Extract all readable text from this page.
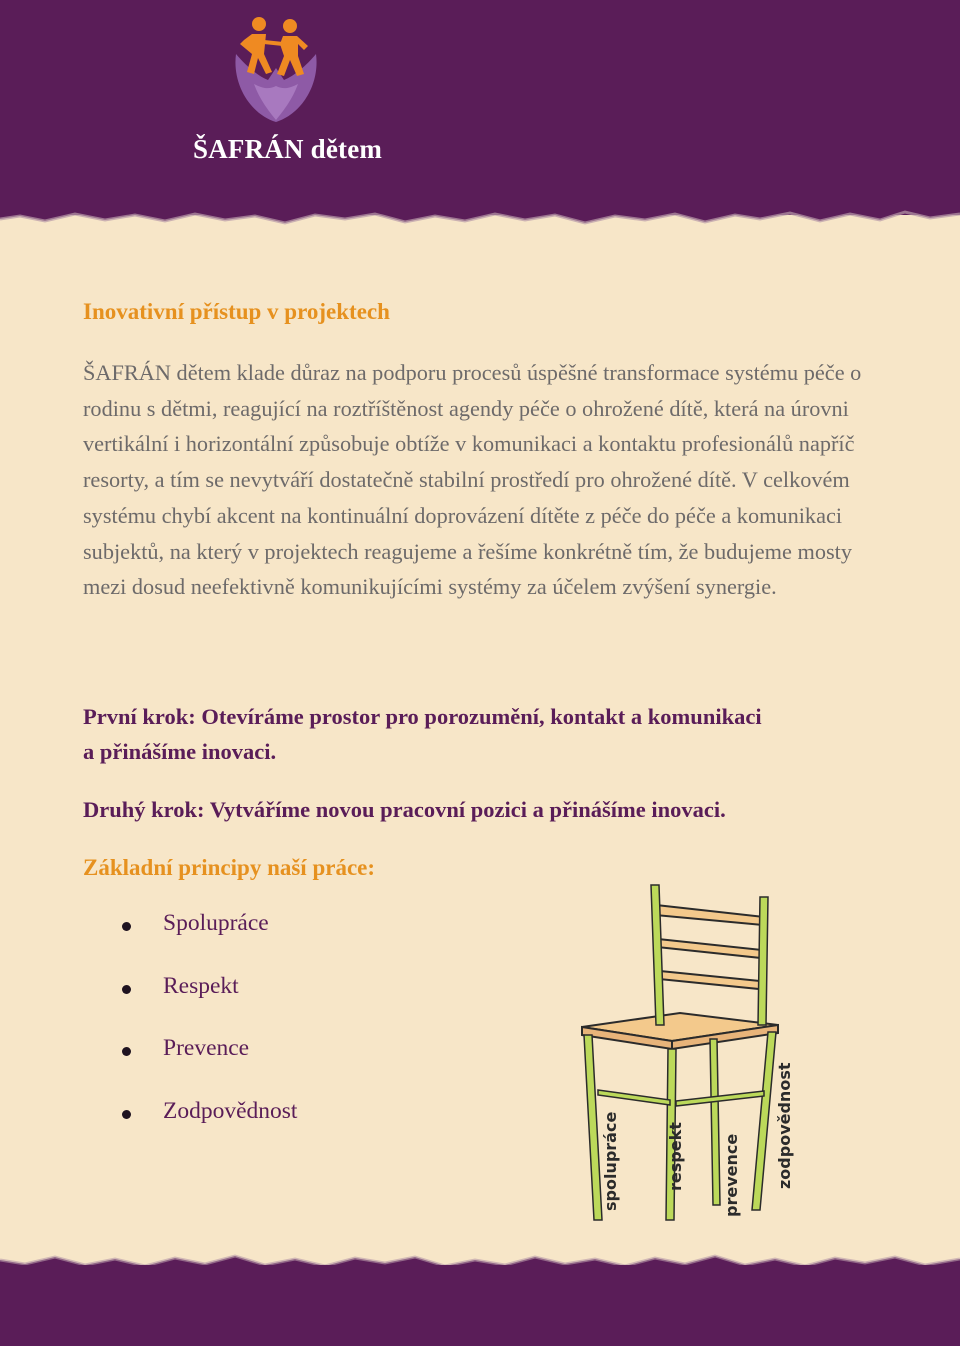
ŠAFRÁN dětem
Inovativní přístup v projektech

ŠAFRÁN dětem klade důraz na podporu procesů úspěšné transformace systému péče o rodinu s dětmi, reagující na roztříštěnost agendy péče o ohrožené dítě, která na úrovni vertikální i horizontální způsobuje obtíže v komunikaci a kontaktu profesionálů napříč resorty, a tím se nevytváří dostatečně stabilní prostředí pro ohrožené dítě. V celkovém systému chybí akcent na kontinuální doprovázení dítěte z péče do péče a komunikaci subjektů, na který v projektech reagujeme a řešíme konkrétně tím, že budujeme mosty mezi dosud neefektivně komunikujícími systémy za účelem zvýšení synergie.

První krok: Otevíráme prostor pro porozumění, kontakt a komunikaci a přinášíme inovaci.
Druhý krok: Vytváříme novou pracovní pozici a přinášíme inovaci.
Základní principy naší práce:
Spolupráce
Respekt
Prevence
Zodpovědnost
spolupráce	respekt prevence zodpovědnost
